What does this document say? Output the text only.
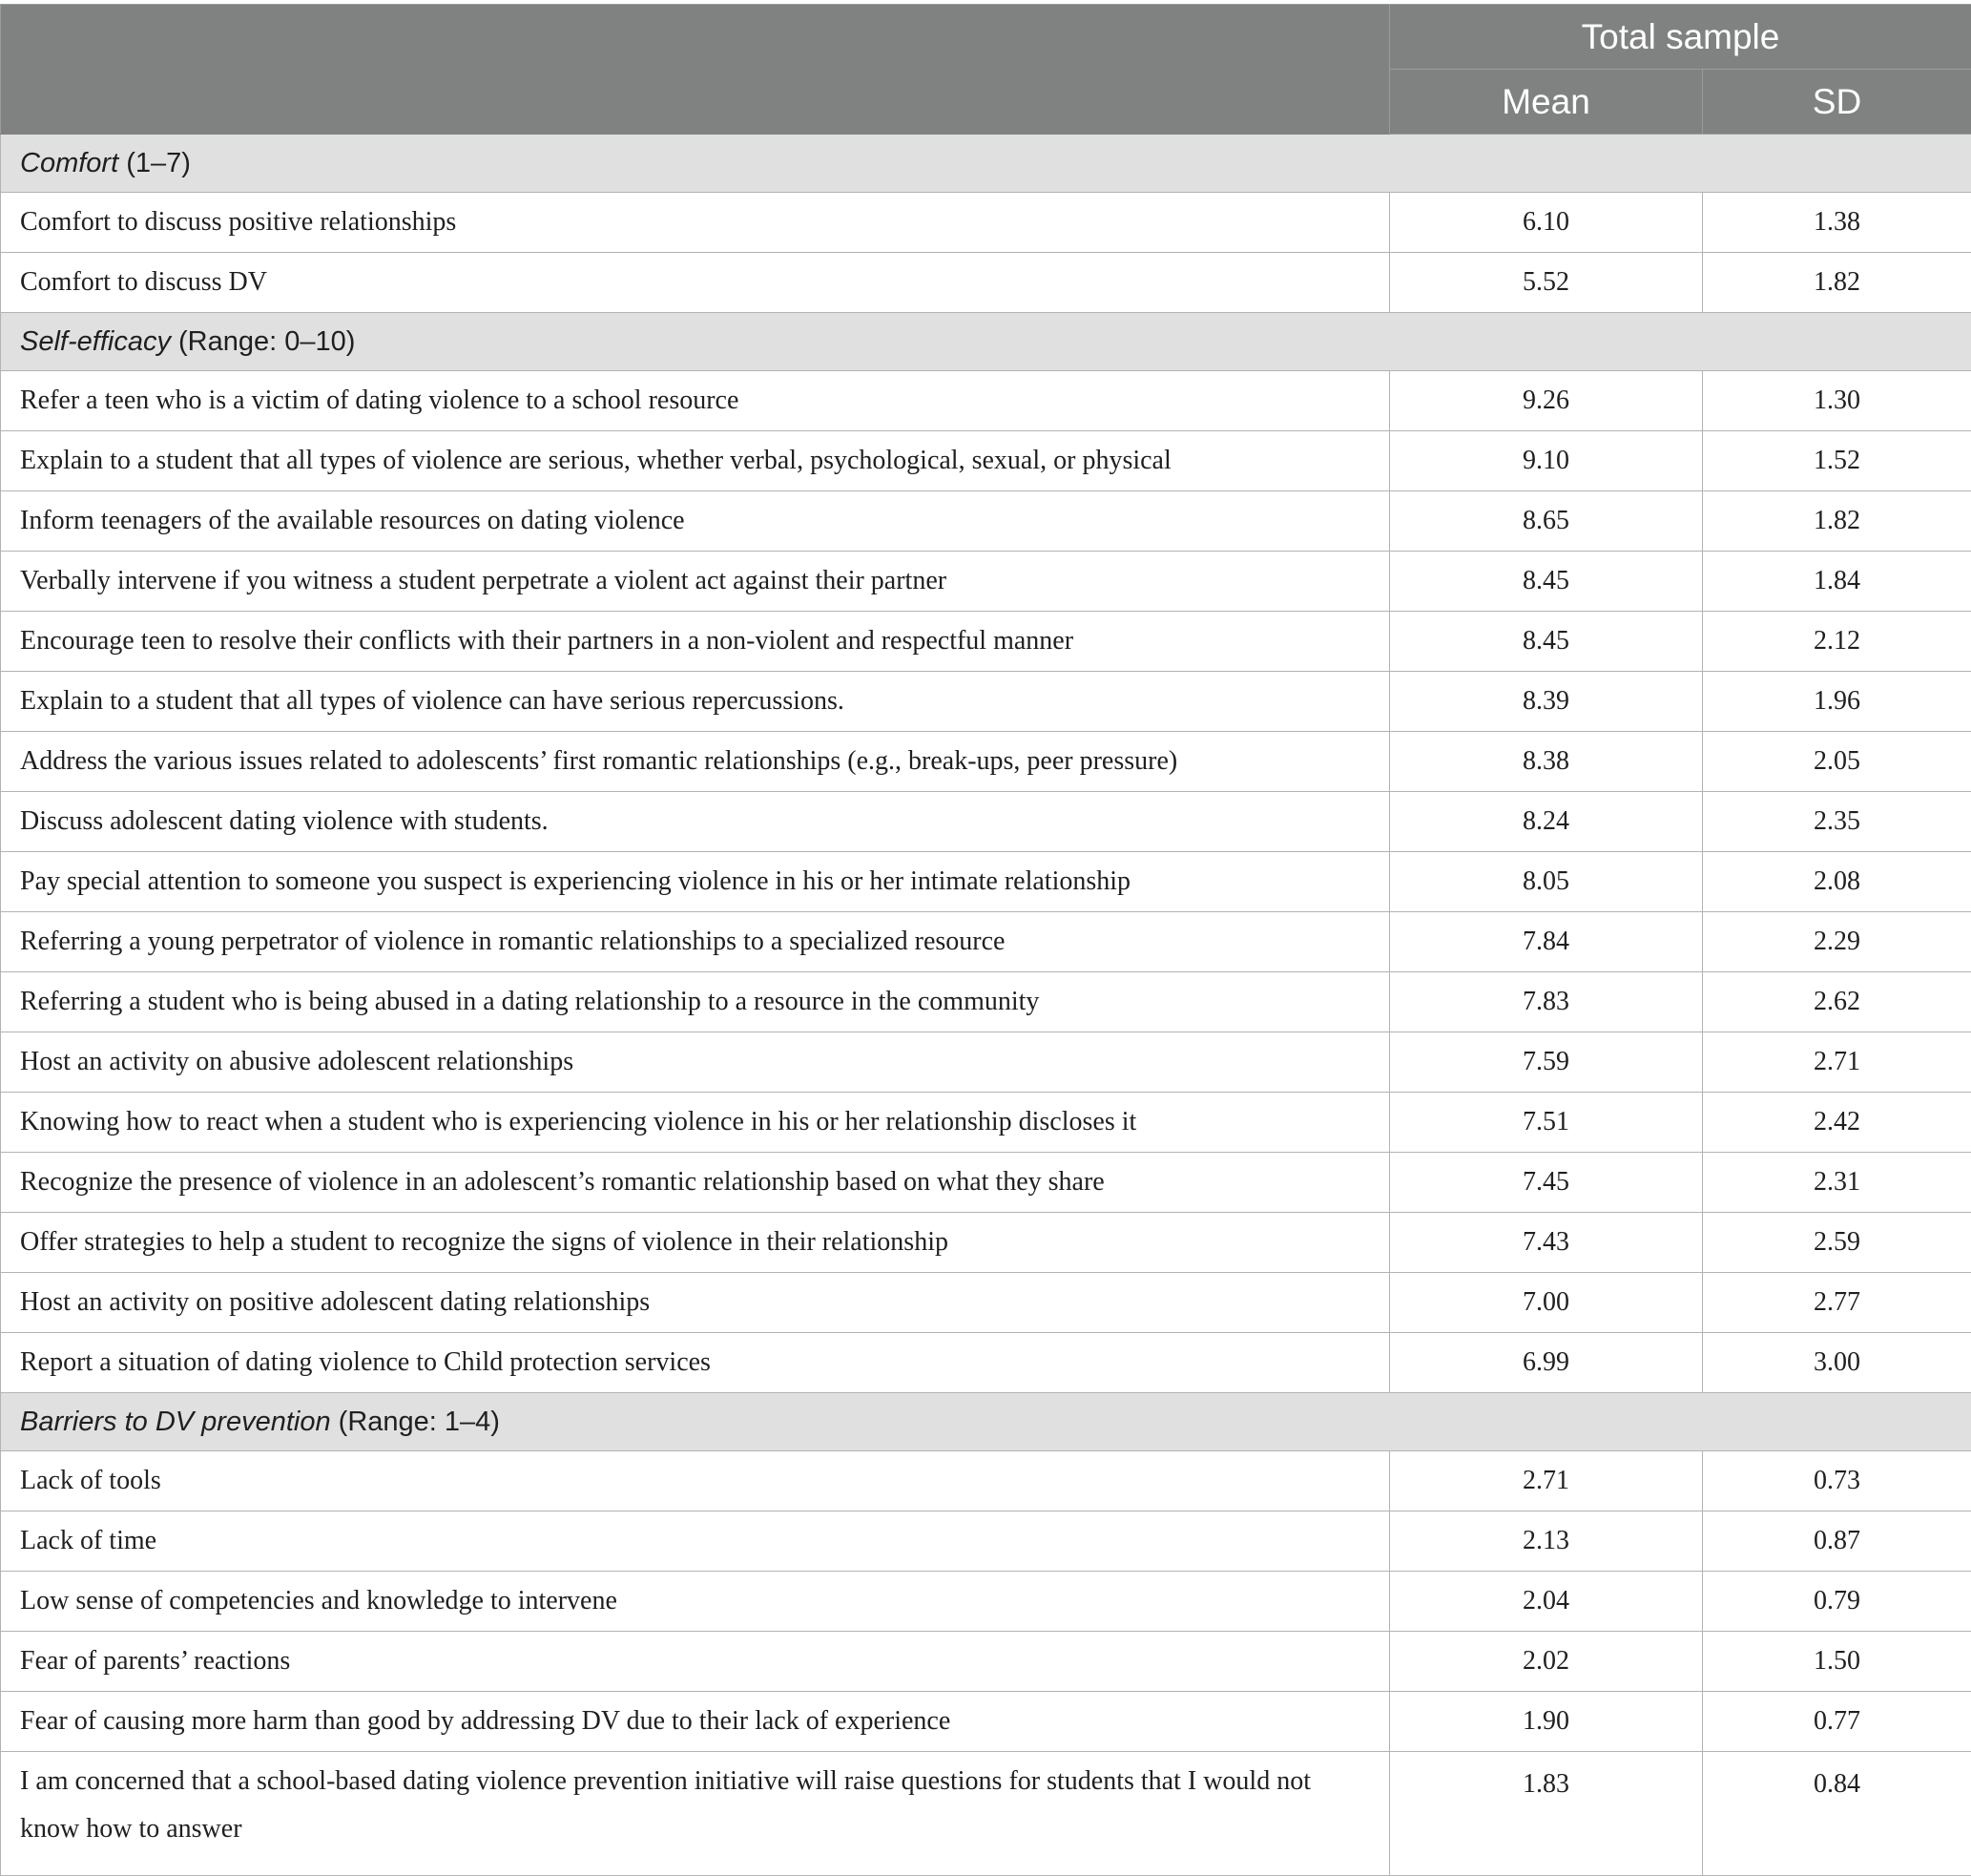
	Total sample	
	Mean	SD
Comfort (1–7)		
Comfort to discuss positive relationships	6.10	1.38
Comfort to discuss DV	5.52	1.82
Self-efficacy (Range: 0–10)		
Refer a teen who is a victim of dating violence to a school resource	9.26	1.30
Explain to a student that all types of violence are serious, whether verbal, psychological, sexual, or physical	9.10	1.52
Inform teenagers of the available resources on dating violence	8.65	1.82
Verbally intervene if you witness a student perpetrate a violent act against their partner	8.45	1.84
Encourage teen to resolve their conflicts with their partners in a non-violent and respectful manner	8.45	2.12
Explain to a student that all types of violence can have serious repercussions.	8.39	1.96
Address the various issues related to adolescents’ first romantic relationships (e.g., break-ups, peer pressure)	8.38	2.05
Discuss adolescent dating violence with students.	8.24	2.35
Pay special attention to someone you suspect is experiencing violence in his or her intimate relationship	8.05	2.08
Referring a young perpetrator of violence in romantic relationships to a specialized resource	7.84	2.29
Referring a student who is being abused in a dating relationship to a resource in the community	7.83	2.62
Host an activity on abusive adolescent relationships	7.59	2.71
Knowing how to react when a student who is experiencing violence in his or her relationship discloses it	7.51	2.42
Recognize the presence of violence in an adolescent’s romantic relationship based on what they share	7.45	2.31
Offer strategies to help a student to recognize the signs of violence in their relationship	7.43	2.59
Host an activity on positive adolescent dating relationships	7.00	2.77
Report a situation of dating violence to Child protection services	6.99	3.00
Barriers to DV prevention (Range: 1–4)		
Lack of tools	2.71	0.73
Lack of time	2.13	0.87
Low sense of competencies and knowledge to intervene	2.04	0.79
Fear of parents’ reactions	2.02	1.50
Fear of causing more harm than good by addressing DV due to their lack of experience	1.90	0.77
I am concerned that a school-based dating violence prevention initiative will raise questions for students that I would not know how to answer	1.83	0.84
